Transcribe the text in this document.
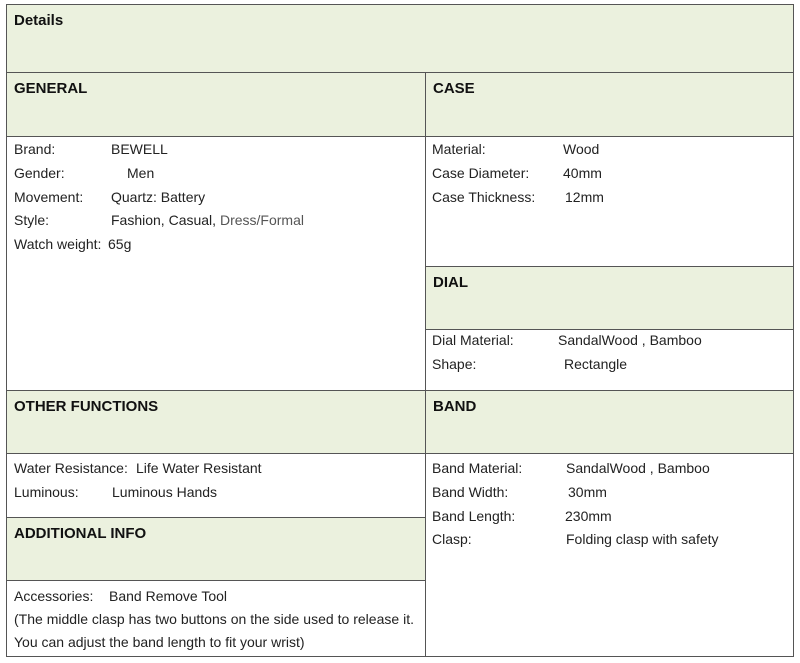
Details
GENERAL	CASE
Brand:	BEWELL
Gender:	Men
Movement: Quartz: Battery
Style:	Fashion, Casual, Dress/Formal
Watch weight: 65g
Material:	Wood
Case Diameter: 40mm
Case Thickness: 12mm
DIAL
Dial Material:	SandalWood , Bamboo
Shape:	Rectangle
OTHER FUNCTIONS	BAND
Water Resistance: Life Water Resistant
Luminous: Luminous Hands
Band Material:	SandalWood , Bamboo
Band Width:	30mm
Band Length:	230mm
Clasp:	Folding clasp with safety
ADDITIONAL INFO
Accessories: Band Remove Tool
(The middle clasp has two buttons on the side used to release it. You can adjust the band length to fit your wrist)
